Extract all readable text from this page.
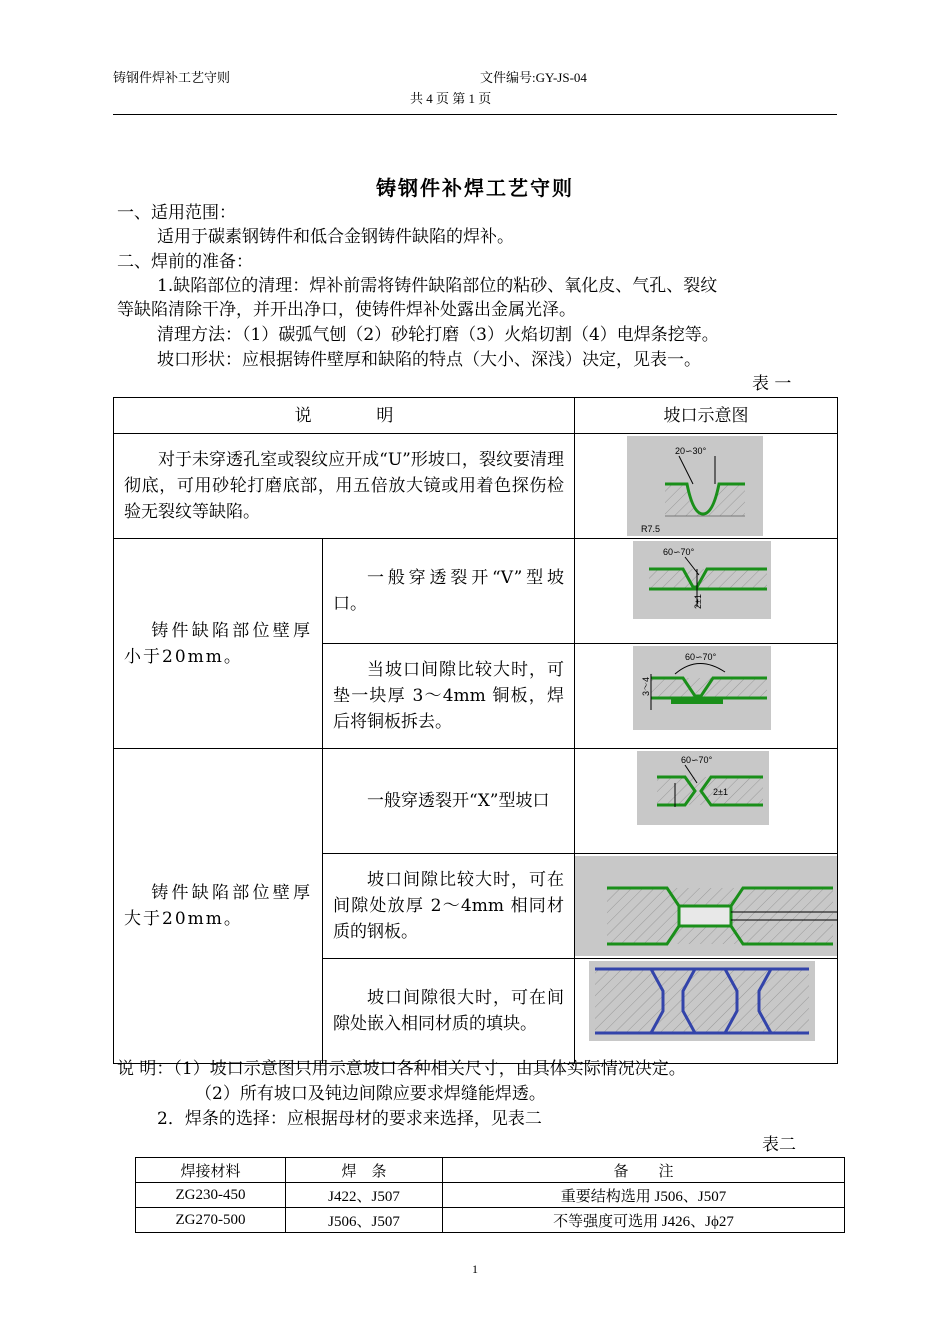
铸钢件焊补工艺守则	文件编号:GY-JS-04
共 4 页 第 1 页
铸钢件补焊工艺守则
一、适用范围：
适用于碳素钢铸件和低合金钢铸件缺陷的焊补。
二、焊前的准备：
1.缺陷部位的清理：焊补前需将铸件缺陷部位的粘砂、氧化皮、气孔、裂纹
等缺陷清除干净，并开出净口，使铸件焊补处露出金属光泽。
清理方法：（1）碳弧气刨（2）砂轮打磨（3）火焰切割（4）电焊条挖等。
坡口形状：应根据铸件壁厚和缺陷的特点（大小、深浅）决定，见表一。
表 一
说            明		坡口示意图

对于未穿透孔室或裂纹应开成“U”形坡口，裂纹要清理彻底，可用砂轮打磨底部，用五倍放大镜或用着色探伤检验无裂纹等缺陷。		20∽30°
R7.5

铸件缺陷部位壁厚小于20mm。	一般穿透裂开“V”型坡口。	60∽70°
2±1

	当坡口间隙比较大时，可垫一块厚 3～4mm 铜板，焊后将铜板拆去。	60∽70°
3～4

铸件缺陷部位壁厚大于20mm。	一般穿透裂开“X”型坡口	60∽70°
2±1

	坡口间隙比较大时，可在间隙处放厚 2～4mm 相同材质的钢板。

	坡口间隙很大时，可在间隙处嵌入相同材质的填块。

说 明：（1）坡口示意图只用示意坡口各种相关尺寸，由具体实际情况决定。
（2）所有坡口及钝边间隙应要求焊缝能焊透。
2．焊条的选择：应根据母材的要求来选择，见表二
表二
焊接材料	焊    条	备        注
ZG230-450	J422、J507	重要结构选用 J506、J507
ZG270-500	J506、J507	不等强度可选用 J426、Jϕ27
1
